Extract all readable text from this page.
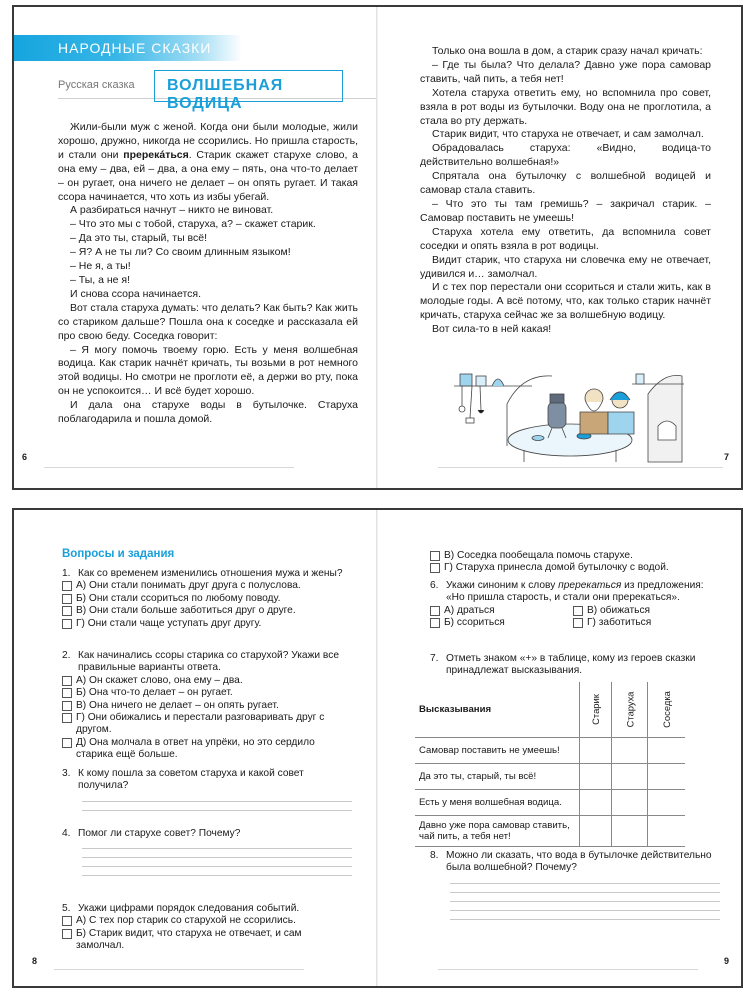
НАРОДНЫЕ СКАЗКИ
Русская сказка ВОЛШЕБНАЯ ВОДИЦА

Жили-были муж с женой. Когда они были молодые, жили хорошо, дружно, никогда не ссорились. Но пришла старость, и стали они пререкáться. Старик скажет старухе слово, а она ему – два, ей – два, а она ему – пять, она что-то делает – он ругает, она ничего не делает – он опять ругает. И такая ссора начинается, что хоть из избы убегай.

А разбираться начнут – никто не виноват.

– Что это мы с тобой, старуха, а? – скажет старик.

– Да это ты, старый, ты всё!

– Я? А не ты ли? Со своим длинным языком!

– Не я, а ты!

– Ты, а не я!

И снова ссора начинается.

Вот стала старуха думать: что делать? Как быть? Как жить со стариком дальше? Пошла она к соседке и рассказала ей про свою беду. Соседка говорит:

– Я могу помочь твоему горю. Есть у меня волшебная водица. Как старик начнёт кричать, ты возьми в рот немного этой водицы. Но смотри не проглоти её, а держи во рту, пока он не успокоится… И всё будет хорошо.

И дала она старухе воды в бутылочке. Старуха поблагодарила и пошла домой.

6

Только она вошла в дом, а старик сразу начал кричать:

– Где ты была? Что делала? Давно уже пора самовар ставить, чай пить, а тебя нет!

Хотела старуха ответить ему, но вспомнила про совет, взяла в рот воды из бутылочки. Воду она не проглотила, а стала во рту держать.

Старик видит, что старуха не отвечает, и сам замолчал.

Обрадовалась старуха: «Видно, водица-то действительно волшебная!»

Спрятала она бутылочку с волшебной водицей и самовар стала ставить.

– Что это ты там гремишь? – закричал старик. – Самовар поставить не умеешь!

Старуха хотела ему ответить, да вспомнила совет соседки и опять взяла в рот водицы.

Видит старик, что старуха ни словечка ему не отвечает, удивился и… замолчал.

И с тех пор перестали они ссориться и стали жить, как в молодые годы. А всё потому, что, как только старик начнёт кричать, старуха сейчас же за волшебную водицу.

Вот сила-то в ней какая!

7
Вопросы и задания
1. Как со временем изменились отношения мужа и жены?
А) Они стали понимать друг друга с полуслова.
Б) Они стали ссориться по любому поводу.
В) Они стали больше заботиться друг о друге.
Г) Они стали чаще уступать друг другу.
2. Как начинались ссоры старика со старухой? Укажи все правильные варианты ответа.
А) Он скажет слово, она ему – два.
Б) Она что-то делает – он ругает.
В) Она ничего не делает – он опять ругает.
Г) Они обижались и перестали разговаривать друг с другом.
Д) Она молчала в ответ на упрёки, но это сердило старика ещё больше.
3. К кому пошла за советом старуха и какой совет получила?
4. Помог ли старухе совет? Почему?
5. Укажи цифрами порядок следования событий.
А) С тех пор старик со старухой не ссорились.
Б) Старик видит, что старуха не отвечает, и сам замолчал.
8
В) Соседка пообещала помочь старухе.
Г) Старуха принесла домой бутылочку с водой.
6. Укажи синоним к слову пререкаться из предложения: «Но пришла старость, и стали они пререкаться».
А) драться	В) обижаться
Б) ссориться	Г) заботиться
7. Отметь знаком «+» в таблице, кому из героев сказки принадлежат высказывания.
8. Можно ли сказать, что вода в бутылочке действительно была волшебной? Почему?
9
Высказывания	Старик	Старуха	Соседка
Самовар поставить не умеешь!			
Да это ты, старый, ты всё!			
Есть у меня волшебная водица.			
Давно уже пора самовар ставить, чай пить, а тебя нет!			
